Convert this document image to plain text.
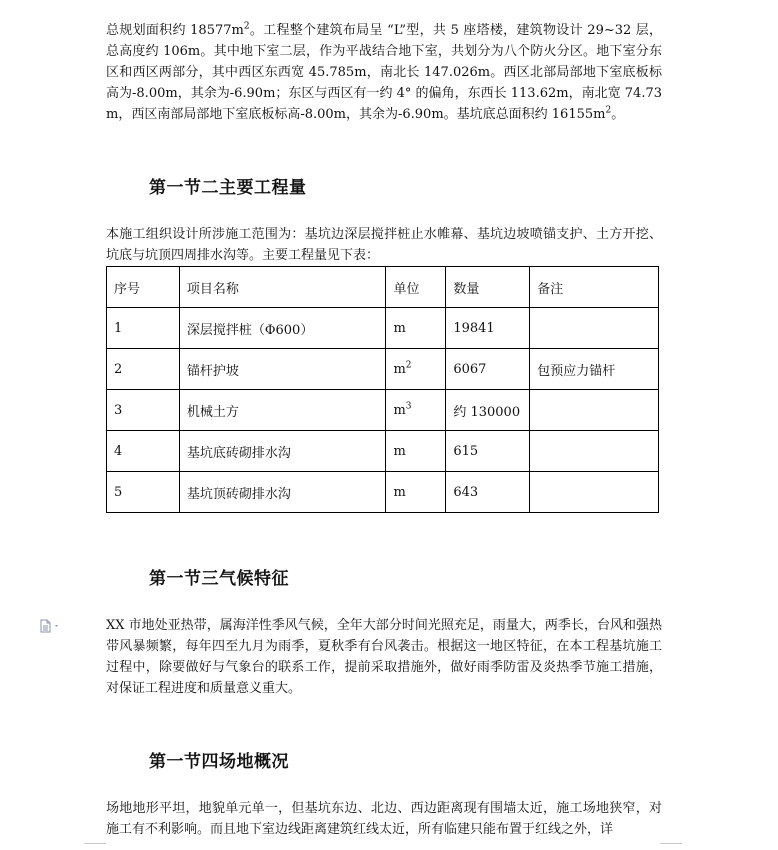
总规划面积约 $18577m^2$。工程整个建筑布局呈 “L”型，共 5 座塔楼，建筑物设计 29~32 层，总高度约 106m。其中地下室二层，作为平战结合地下室，共划分为八个防火分区。地下室分东区和西区两部分，其中西区东西宽 45.785m，南北长 147.026m。西区北部局部地下室底板标高为-8.00m，其余为-6.90m；东区与西区有一约 4° 的偏角，东西长 113.62m，南北宽 74.73m，西区南部局部地下室底板标高-8.00m，其余为-6.90m。基坑底总面积约 $16155m^2$。

第一节二主要工程量

本施工组织设计所涉施工范围为：基坑边深层搅拌桩止水帷幕、基坑边坡喷锚支护、土方开挖、坑底与坑顶四周排水沟等。主要工程量见下表：

序号	项目名称	单位	数量	备注
1	深层搅拌桩（Φ600）	m	19841	
2	锚杆护坡	$m^2$	6067	包预应力锚杆
3	机械土方	$m^3$	约 130000	
4	基坑底砖砌排水沟	m	615	
5	基坑顶砖砌排水沟	m	643	
第一节三气候特征

XX 市地处亚热带，属海洋性季风气候，全年大部分时间光照充足，雨量大，两季长，台风和强热带风暴频繁，每年四至九月为雨季，夏秋季有台风袭击。根据这一地区特征，在本工程基坑施工过程中，除要做好与气象台的联系工作，提前采取措施外，做好雨季防雷及炎热季节施工措施，对保证工程进度和质量意义重大。

第一节四场地概况

场地地形平坦，地貌单元单一，但基坑东边、北边、西边距离现有围墙太近，施工场地狭窄，对施工有不利影响。而且地下室边线距离建筑红线太近，所有临建只能布置于红线之外，详
